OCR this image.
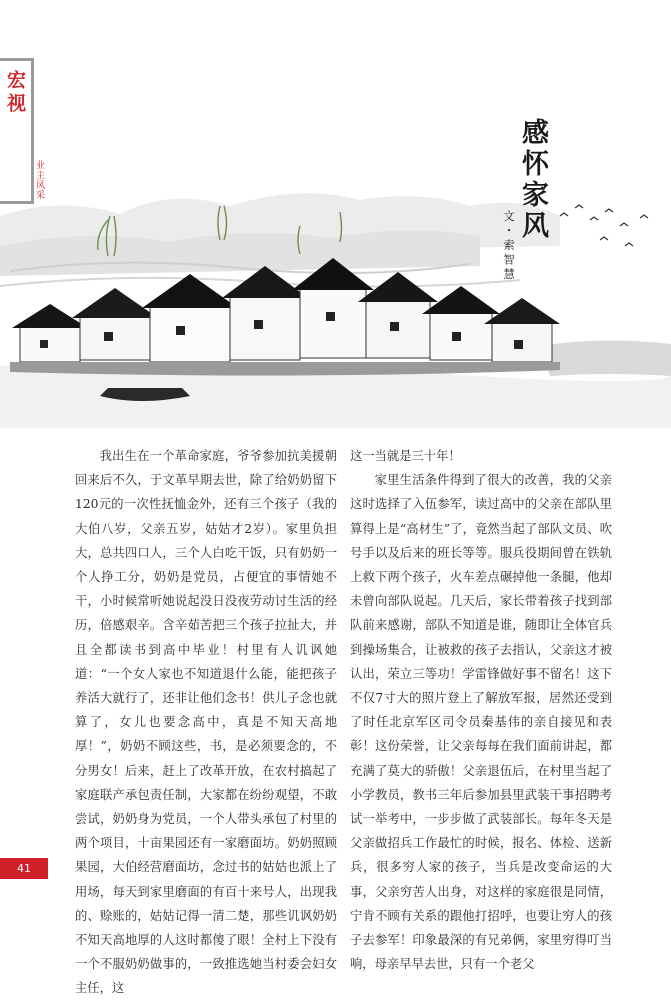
宏视
业主风采	感怀家风
文・索智慧

我出生在一个革命家庭，爷爷参加抗美援朝回来后不久，于文革早期去世，除了给奶奶留下120元的一次性抚恤金外，还有三个孩子（我的大伯八岁，父亲五岁，姑姑才2岁）。家里负担大，总共四口人，三个人白吃干饭，只有奶奶一个人挣工分，奶奶是党员，占便宜的事情她不干，小时候常听她说起没日没夜劳动讨生活的经历，倍感艰辛。含辛茹苦把三个孩子拉扯大，并且全都读书到高中毕业！村里有人讥讽她道：“一个女人家也不知道退什么能，能把孩子养活大就行了，还非让他们念书！供儿子念也就算了，女儿也要念高中，真是不知天高地厚！”，奶奶不顾这些，书，是必须要念的，不分男女！后来，赶上了改革开放，在农村搞起了家庭联产承包责任制，大家都在纷纷观望，不敢尝试，奶奶身为党员，一个人带头承包了村里的两个项目，十亩果园还有一家磨面坊。奶奶照顾果园，大伯经营磨面坊，念过书的姑姑也派上了用场，每天到家里磨面的有百十来号人，出现我的、赊账的，姑姑记得一清二楚，那些讥讽奶奶不知天高地厚的人这时都傻了眼！全村上下没有一个不服奶奶做事的，一致推选她当村委会妇女主任，这

这一当就是三十年！

家里生活条件得到了很大的改善，我的父亲这时选择了入伍参军，读过高中的父亲在部队里算得上是“高材生”了，竟然当起了部队文员、吹号手以及后来的班长等等。服兵役期间曾在铁轨上救下两个孩子，火车差点碾掉他一条腿，他却未曾向部队说起。几天后，家长带着孩子找到部队前来感谢，部队不知道是谁，随即让全体官兵到操场集合，让被救的孩子去指认，父亲这才被认出，荣立三等功！学雷锋做好事不留名！这下不仅7寸大的照片登上了解放军报，居然还受到了时任北京军区司令员秦基伟的亲自接见和表彰！这份荣誉，让父亲每每在我们面前讲起，都充满了莫大的骄傲！父亲退伍后，在村里当起了小学教员，教书三年后参加县里武装干事招聘考试一举考中，一步步做了武装部长。每年冬天是父亲做招兵工作最忙的时候，报名、体检、送新兵，很多穷人家的孩子，当兵是改变命运的大事，父亲穷苦人出身，对这样的家庭很是同情，宁肯不顾有关系的跟他打招呼，也要让穷人的孩子去参军！印象最深的有兄弟俩，家里穷得叮当响，母亲早早去世，只有一个老父

41
